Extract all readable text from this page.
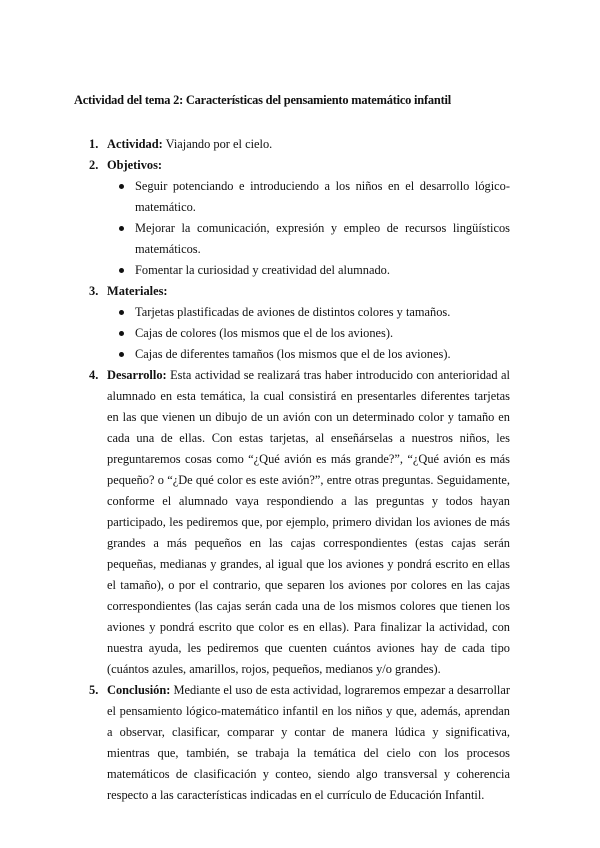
Actividad del tema 2: Características del pensamiento matemático infantil

1. Actividad: Viajando por el cielo.
2. Objetivos:
Seguir potenciando e introduciendo a los niños en el desarrollo lógico-matemático.
Mejorar la comunicación, expresión y empleo de recursos lingüísticos matemáticos.
Fomentar la curiosidad y creatividad del alumnado.
3. Materiales:
Tarjetas plastificadas de aviones de distintos colores y tamaños.
Cajas de colores (los mismos que el de los aviones).
Cajas de diferentes tamaños (los mismos que el de los aviones).
4. Desarrollo: Esta actividad se realizará tras haber introducido con anterioridad al alumnado en esta temática, la cual consistirá en presentarles diferentes tarjetas en las que vienen un dibujo de un avión con un determinado color y tamaño en cada una de ellas. Con estas tarjetas, al enseñárselas a nuestros niños, les preguntaremos cosas como “¿Qué avión es más grande?”, “¿Qué avión es más pequeño? o “¿De qué color es este avión?”, entre otras preguntas. Seguidamente, conforme el alumnado vaya respondiendo a las preguntas y todos hayan participado, les pediremos que, por ejemplo, primero dividan los aviones de más grandes a más pequeños en las cajas correspondientes (estas cajas serán pequeñas, medianas y grandes, al igual que los aviones y pondrá escrito en ellas el tamaño), o por el contrario, que separen los aviones por colores en las cajas correspondientes (las cajas serán cada una de los mismos colores que tienen los aviones y pondrá escrito que color es en ellas). Para finalizar la actividad, con nuestra ayuda, les pediremos que cuenten cuántos aviones hay de cada tipo (cuántos azules, amarillos, rojos, pequeños, medianos y/o grandes).
5. Conclusión: Mediante el uso de esta actividad, lograremos empezar a desarrollar el pensamiento lógico-matemático infantil en los niños y que, además, aprendan a observar, clasificar, comparar y contar de manera lúdica y significativa, mientras que, también, se trabaja la temática del cielo con los procesos matemáticos de clasificación y conteo, siendo algo transversal y coherencia respecto a las características indicadas en el currículo de Educación Infantil.
